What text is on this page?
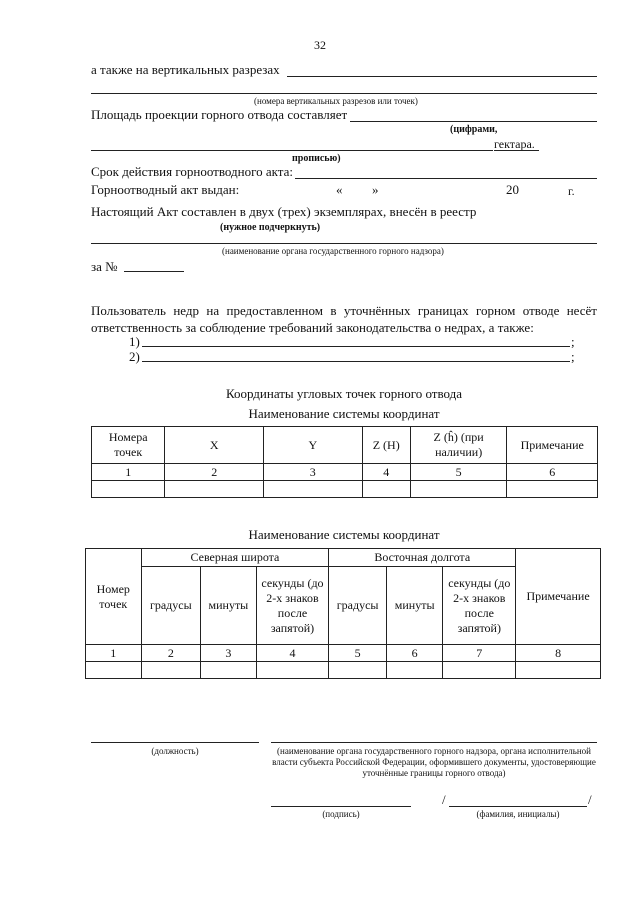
32
а также на вертикальных разрезах
(номера вертикальных разрезов или точек)
Площадь проекции горного отвода составляет
(цифрами,
гектара.
прописью)
Срок действия горноотводного акта:
Горноотводный акт выдан:	« »	20	г.
Настоящий Акт составлен в двух (трех) экземплярах, внесён в реестр
(нужное подчеркнуть)
(наименование органа государственного горного надзора)
за №
Пользователь недр на предоставленном в уточнённых границах горном отводе несёт ответственность за соблюдение требований законодательства о недрах, а также:
1)	;
2)	;
Координаты угловых точек горного отвода
Наименование системы координат
Номера точек	X	Y	Z (H)	Z (ĥ) (при наличии)	Примечание
1	2	3	4	5	6

Наименование системы координат
Номер точек	Северная широта			Восточная долгота			Примечание
	градусы	минуты	секунды (до 2-х знаков после запятой)	градусы	минуты	секунды (до 2-х знаков после запятой)	
1	2	3	4	5	6	7	8

(должность)	(наименование органа государственного горного надзора, органа исполнительной власти субъекта Российской Федерации, оформившего документы, удостоверяющие уточнённые границы горного отвода)
(подпись)
/	/
(фамилия, инициалы)
